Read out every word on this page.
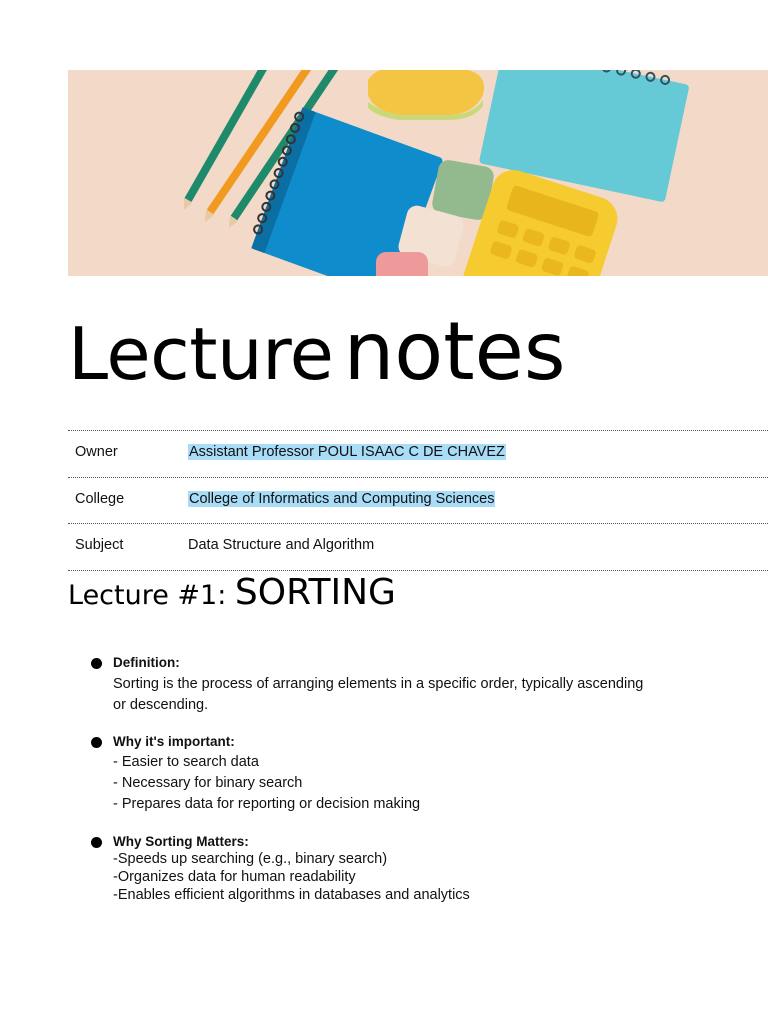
Lecture notes
Owner	Assistant Professor POUL ISAAC C DE CHAVEZ
College	College of Informatics and Computing Sciences
Subject	Data Structure and Algorithm
Lecture #1: SORTING
Definition:
Sorting is the process of arranging elements in a specific order, typically ascending
or descending.
Why it's important:
- Easier to search data
- Necessary for binary search
- Prepares data for reporting or decision making
Why Sorting Matters:
-Speeds up searching (e.g., binary search)
-Organizes data for human readability
-Enables efficient algorithms in databases and analytics
